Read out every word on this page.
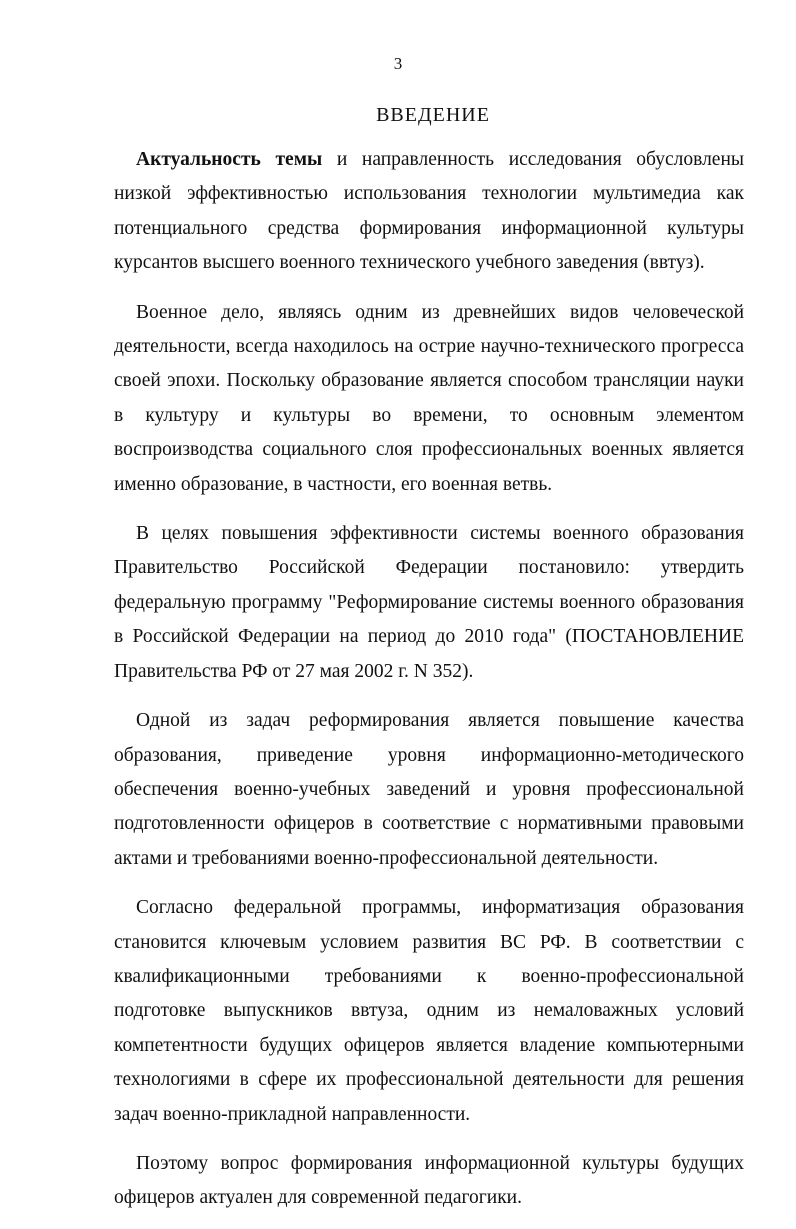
3
ВВЕДЕНИЕ

Актуальность темы и направленность исследования обусловлены низкой эффективностью использования технологии мультимедиа как потенциального средства формирования информационной культуры курсантов высшего военного технического учебного заведения (ввтуз).

Военное дело, являясь одним из древнейших видов человеческой деятельности, всегда находилось на острие научно-технического прогресса своей эпохи. Поскольку образование является способом трансляции науки в культуру и культуры во времени, то основным элементом воспроизводства социального слоя профессиональных военных является именно образование, в частности, его военная ветвь.

В целях повышения эффективности системы военного образования Правительство Российской Федерации постановило: утвердить федеральную программу "Реформирование системы военного образования в Российской Федерации на период до 2010 года" (ПОСТАНОВЛЕНИЕ Правительства РФ от 27 мая 2002 г. N 352).

Одной из задач реформирования является повышение качества образования, приведение уровня информационно-методического обеспечения военно-учебных заведений и уровня профессиональной подготовленности офицеров в соответствие с нормативными правовыми актами и требованиями военно-профессиональной деятельности.

Согласно федеральной программы, информатизация образования становится ключевым условием развития ВС РФ. В соответствии с квалификационными требованиями к военно-профессиональной подготовке выпускников ввтуза, одним из немаловажных условий компетентности будущих офицеров является владение компьютерными технологиями в сфере их профессиональной деятельности для решения задач военно-прикладной направленности.

Поэтому вопрос формирования информационной культуры будущих офицеров актуален для современной педагогики.
